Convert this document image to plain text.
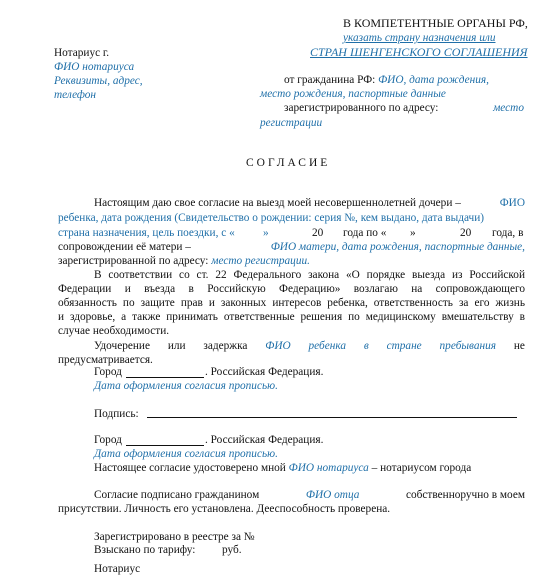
В КОМПЕТЕНТНЫЕ ОРГАНЫ РФ,
указать страну назначения или
СТРАН ШЕНГЕНСКОГО СОГЛАШЕНИЯ
Нотариус г.
ФИО нотариуса
Реквизиты, адрес,
телефон
от гражданина РФ: ФИО, дата рождения,
место рождения, паспортные данные
зарегистрированного по адресу:	место
регистрации
СОГЛАСИЕ
Настоящим даю свое согласие на выезд моей несовершеннолетней дочери –	ФИО
ребенка, дата рождения (Свидетельство о рождении: серия №, кем выдано, дата выдачи)
страна назначения, цель поездки, с «	»	20 года по « »	20 года, в
сопровождении её матери –	ФИО матери, дата рождения, паспортные данные,
зарегистрированной по адресу: место регистрации.
В соответствии со ст. 22 Федерального закона «О порядке выезда из Российской
Федерации и въезда в Российскую Федерацию» возлагаю на сопровождающего
обязанность по защите прав и законных интересов ребенка, ответственность за его жизнь
и здоровье, а также принимать ответственные решения по медицинскому вмешательству в
случае необходимости.
Удочерение или задержка ФИО ребенка в стране пребывания не
предусматривается.
Город	. Российская Федерация.
Дата оформления согласия прописью.
Подпись:
Город	. Российская Федерация.
Дата оформления согласия прописью.
Настоящее согласие удостоверено мной ФИО нотариуса – нотариусом города
Согласие подписано гражданином	ФИО отца	собственноручно в моем
присутствии. Личность его установлена. Дееспособность проверена.
Зарегистрировано в реестре за №
Взыскано по тарифу: руб.
Нотариус
